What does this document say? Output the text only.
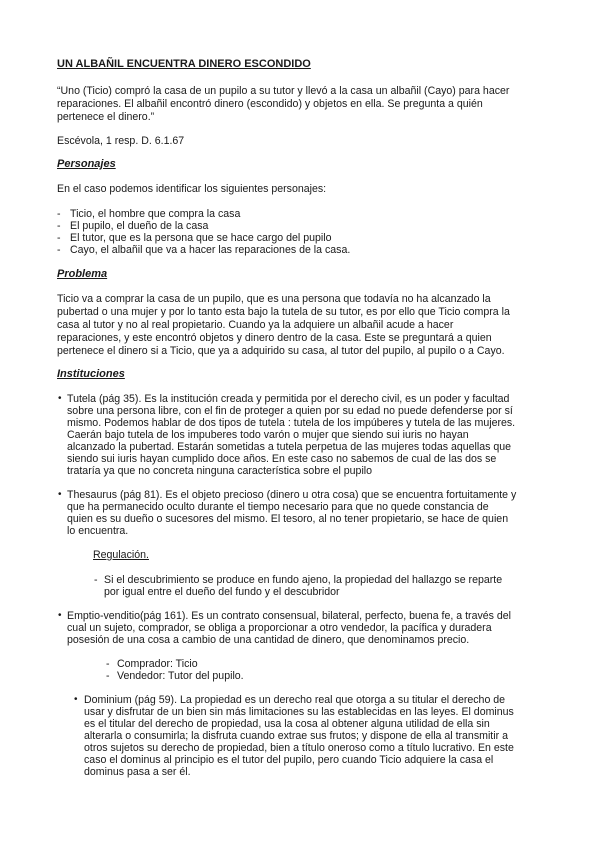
UN ALBAÑIL ENCUENTRA DINERO ESCONDIDO
“Uno (Ticio) compró la casa de un pupilo a su tutor y llevó a la casa un albañil (Cayo) para hacer
reparaciones. El albañil encontró dinero (escondido) y objetos en ella. Se pregunta a quién
pertenece el dinero.”
Escévola, 1 resp. D. 6.1.67
Personajes
En el caso podemos identificar los siguientes personajes:
- Ticio, el hombre que compra la casa
- El pupilo, el dueño de la casa
- El tutor, que es la persona que se hace cargo del pupilo
- Cayo, el albañil que va a hacer las reparaciones de la casa.
Problema
Ticio va a comprar la casa de un pupilo, que es una persona que todavía no ha alcanzado la
pubertad o una mujer y por lo tanto esta bajo la tutela de su tutor, es por ello que Ticio compra la
casa al tutor y no al real propietario. Cuando ya la adquiere un albañil acude a hacer
reparaciones, y este encontró objetos y dinero dentro de la casa. Este se preguntará a quien
pertenece el dinero si a Ticio, que ya a adquirido su casa, al tutor del pupilo, al pupilo o a Cayo.
Instituciones
• Tutela (pág 35). Es la institución creada y permitida por el derecho civil, es un poder y facultad
sobre una persona libre, con el fin de proteger a quien por su edad no puede defenderse por sí
mismo. Podemos hablar de dos tipos de tutela : tutela de los impúberes y tutela de las mujeres.
Caerán bajo tutela de los impuberes todo varón o mujer que siendo sui iuris no hayan
alcanzado la pubertad. Estarán sometidas a tutela perpetua de las mujeres todas aquellas que
siendo sui iuris hayan cumplido doce años. En este caso no sabemos de cual de las dos se
trataría ya que no concreta ninguna característica sobre el pupilo
• Thesaurus (pág 81). Es el objeto precioso (dinero u otra cosa) que se encuentra fortuitamente y
que ha permanecido oculto durante el tiempo necesario para que no quede constancia de
quien es su dueño o sucesores del mismo. El tesoro, al no tener propietario, se hace de quien
lo encuentra.
Regulación.
- Si el descubrimiento se produce en fundo ajeno, la propiedad del hallazgo se reparte
por igual entre el dueño del fundo y el descubridor
• Emptio-venditio(pág 161). Es un contrato consensual, bilateral, perfecto, buena fe, a través del
cual un sujeto, comprador, se obliga a proporcionar a otro vendedor, la pacífica y duradera
posesión de una cosa a cambio de una cantidad de dinero, que denominamos precio.
- Comprador: Ticio
- Vendedor: Tutor del pupilo.
• Dominium (pág 59). La propiedad es un derecho real que otorga a su titular el derecho de
usar y disfrutar de un bien sin más limitaciones su las establecidas en las leyes. El dominus
es el titular del derecho de propiedad, usa la cosa al obtener alguna utilidad de ella sin
alterarla o consumirla; la disfruta cuando extrae sus frutos; y dispone de ella al transmitir a
otros sujetos su derecho de propiedad, bien a título oneroso como a título lucrativo. En este
caso el dominus al principio es el tutor del pupilo, pero cuando Ticio adquiere la casa el
dominus pasa a ser él.
